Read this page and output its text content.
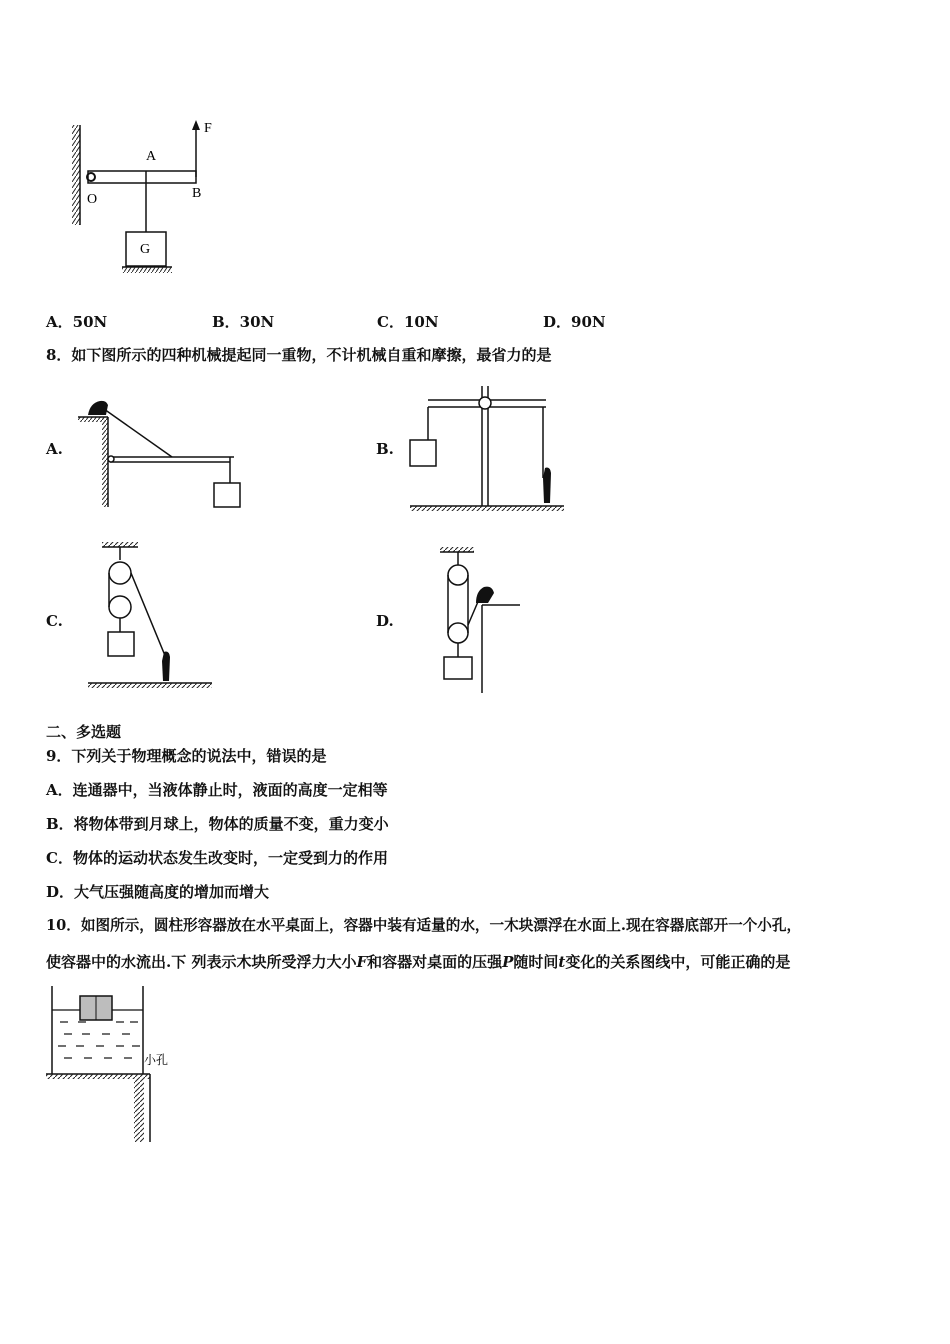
F
A
O	B
G
A．50N	B．30N	C．10N	D．90N
8．如下图所示的四种机械提起同一重物，不计机械自重和摩擦，最省力的是
A.	B.
C.	D.
二、多选题
9．下列关于物理概念的说法中，错误的是
A．连通器中，当液体静止时，液面的高度一定相等
B．将物体带到月球上，物体的质量不变，重力变小
C．物体的运动状态发生改变时，一定受到力的作用
D．大气压强随高度的增加而增大
10．如图所示，圆柱形容器放在水平桌面上，容器中装有适量的水，一木块漂浮在水面上.现在容器底部开一个小孔，
使容器中的水流出.下 列表示木块所受浮力大小F和容器对桌面的压强P随时间t变化的关系图线中，可能正确的是
小孔
